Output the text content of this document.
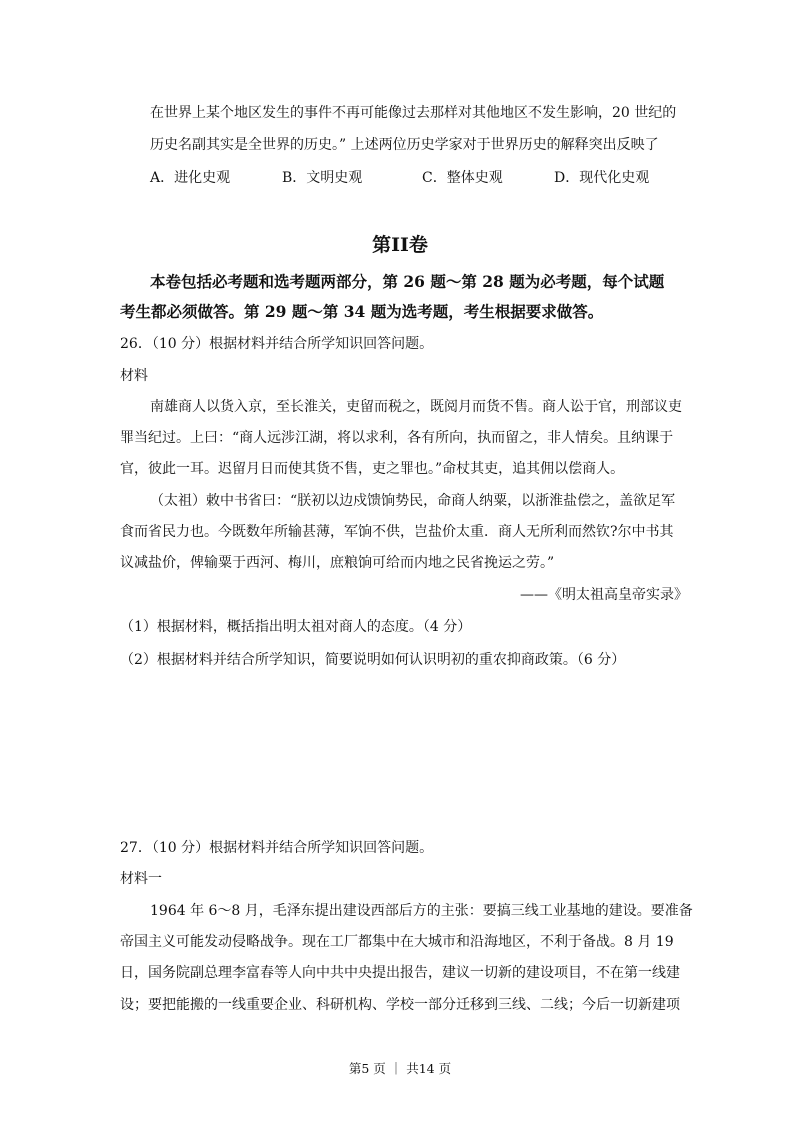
在世界上某个地区发生的事件不再可能像过去那样对其他地区不发生影响，20 世纪的
历史名副其实是全世界的历史。” 上述两位历史学家对于世界历史的解释突出反映了
A．进化史观	B．文明史观	C．整体史观	D．现代化史观
第II卷
本卷包括必考题和选考题两部分，第 26 题～第 28 题为必考题，每个试题
考生都必须做答。第 29 题～第 34 题为选考题，考生根据要求做答。
26．（10 分）根据材料并结合所学知识回答问题。
材料
南雄商人以货入京，至长淮关，吏留而税之，既阅月而货不售。商人讼于官，刑部议吏
罪当纪过。上曰：“商人远涉江湖，将以求利，各有所向，执而留之，非人情矣。且纳课于
官，彼此一耳。迟留月日而使其货不售，吏之罪也。”命杖其吏，追其佣以偿商人。
（太祖）敕中书省曰：“朕初以边戍馈饷势民，命商人纳粟，以浙淮盐偿之，盖欲足军
食而省民力也。今既数年所输甚薄，军饷不供，岂盐价太重．商人无所利而然钦?尔中书其
议减盐价，俾输粟于西河、梅川，庶粮饷可给而内地之民省挽运之劳。”
——《明太祖高皇帝实录》
（1）根据材料，概括指出明太祖对商人的态度。（4 分）
（2）根据材料并结合所学知识，简要说明如何认识明初的重农抑商政策。（6 分）
27．（10 分）根据材料并结合所学知识回答问题。
材料一
1964 年 6～8 月，毛泽东提出建设西部后方的主张：要搞三线工业基地的建设。要准备
帝国主义可能发动侵略战争。现在工厂都集中在大城市和沿海地区，不利于备战。8 月 19
日，国务院副总理李富春等人向中共中央提出报告，建议一切新的建设项目，不在第一线建
设；要把能搬的一线重要企业、科研机构、学校一部分迁移到三线、二线；今后一切新建项
第5 页 ｜ 共14 页
